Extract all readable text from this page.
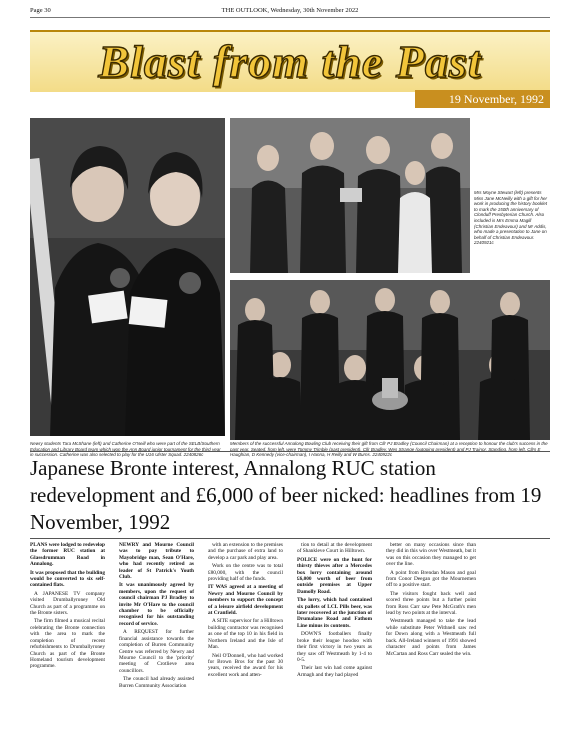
Page 30	THE OUTLOOK, Wednesday, 30th November 2022
Blast from the Past
19 November, 1992
Newry students Tara McShane (left) and Catherine O'Neill who were part of the SELB/Southern Education and Library Board team which won the Ann Board junior tournament for the third year in succession. Catherine was also selected to play for the U16 Ulster Squad. 2240826c
Mrs Moyne Stewart (left) presents Miss Jane McNeilly with a gift for her work in producing the history booklet to mark the 150th anniversary of Clonduff Presbyterian Church. Also included is Mrs Emma Magill (Christian Endeavour) and Mr Addis, who made a presentation to Jane on behalf of Christian Endeavour. 2240921c
Members of the successful Annalong Bowling Club receiving their gift from Cllr PJ Bradley (Council Chairman) at a reception to honour the club's success in the past year. Seated, from left, were Tommy Trimble (past president), Cllr Bradley, Wes Strange (outgoing president) and PJ Trainor. Standing, from left, Cllrs E Haughian, D Kennedy (vice-chairman), I Hanna, H Reilly and W Burns. 2240922c
Japanese Bronte interest, Annalong RUC station redevelopment and £6,000 of beer nicked: headlines from 19 November, 1992

PLANS were lodged to redevelop the former RUC station at Glassdrumman Road in Annalong.

It was proposed that the building would be converted to six self-contained flats.

A JAPANESE TV company visited Drumballyroney Old Church as part of a programme on the Bronte sisters.

The firm filmed a musical recital celebrating the Bronte connection with the area to mark the completion of recent refurbishments to Drumballyroney Church as part of the Bronte Homeland tourism development programme.

NEWRY and Mourne Council was to pay tribute to Mayobridge man, Sean O'Hare, who had recently retired as leader of St Patrick's Youth Club.

It was unanimously agreed by members, upon the request of council chairman PJ Bradley to invite Mr O'Hare to the council chamber to be officially recognised for his outstanding record of service.

A REQUEST for further financial assistance towards the completion of Burren Community Centre was referred by Newry and Mourne Council to the 'priority' meeting of Crotlieve area councillors.

The council had already assisted Burren Community Association

with an extension to the premises and the purchase of extra land to develop a car park and play area.

Work on the centre was to total £80,000, with the council providing half of the funds.

IT WAS agreed at a meeting of Newry and Mourne Council by members to support the concept of a leisure airfield development at Cranfield.

A SITE supervisor for a Hilltown building contractor was recognised as one of the top 10 in his field in Northern Ireland and the Isle of Man.

Neil O'Donnell, who had worked for Brown Bros for the past 30 years, received the award for his excellent work and atten-

tion to detail at the development of Shankleve Court in Hilltown.

POLICE were on the hunt for thirsty thieves after a Mercedes box lorry containing around £6,000 worth of beer from outside premises at Upper Damolly Road.

The lorry, which had contained six pallets of LCL Pills beer, was later recovered at the junction of Drumalane Road and Fathom Line minus its contents.

DOWN'S footballers finally broke their league hoodoo with their first victory in two years as they saw off Westmeath by 1-4 to 0-5.

Their last win had come against Armagh and they had played

better on many occasions since than they did in this win over Westmeath, but it was on this occasion they managed to get over the line.

A point from Brendan Mason and goal from Conor Deegan got the Mournemen off to a positive start.

The visitors fought back well and scored three points but a further point from Ross Carr saw Pete McGrath's men lead by two points at the interval.

Westmeath managed to take the lead while substitute Peter Withnell saw red for Down along with a Westmeath full back. All-Ireland winners of 1991 showed character and points from James McCartan and Ross Carr sealed the win.
